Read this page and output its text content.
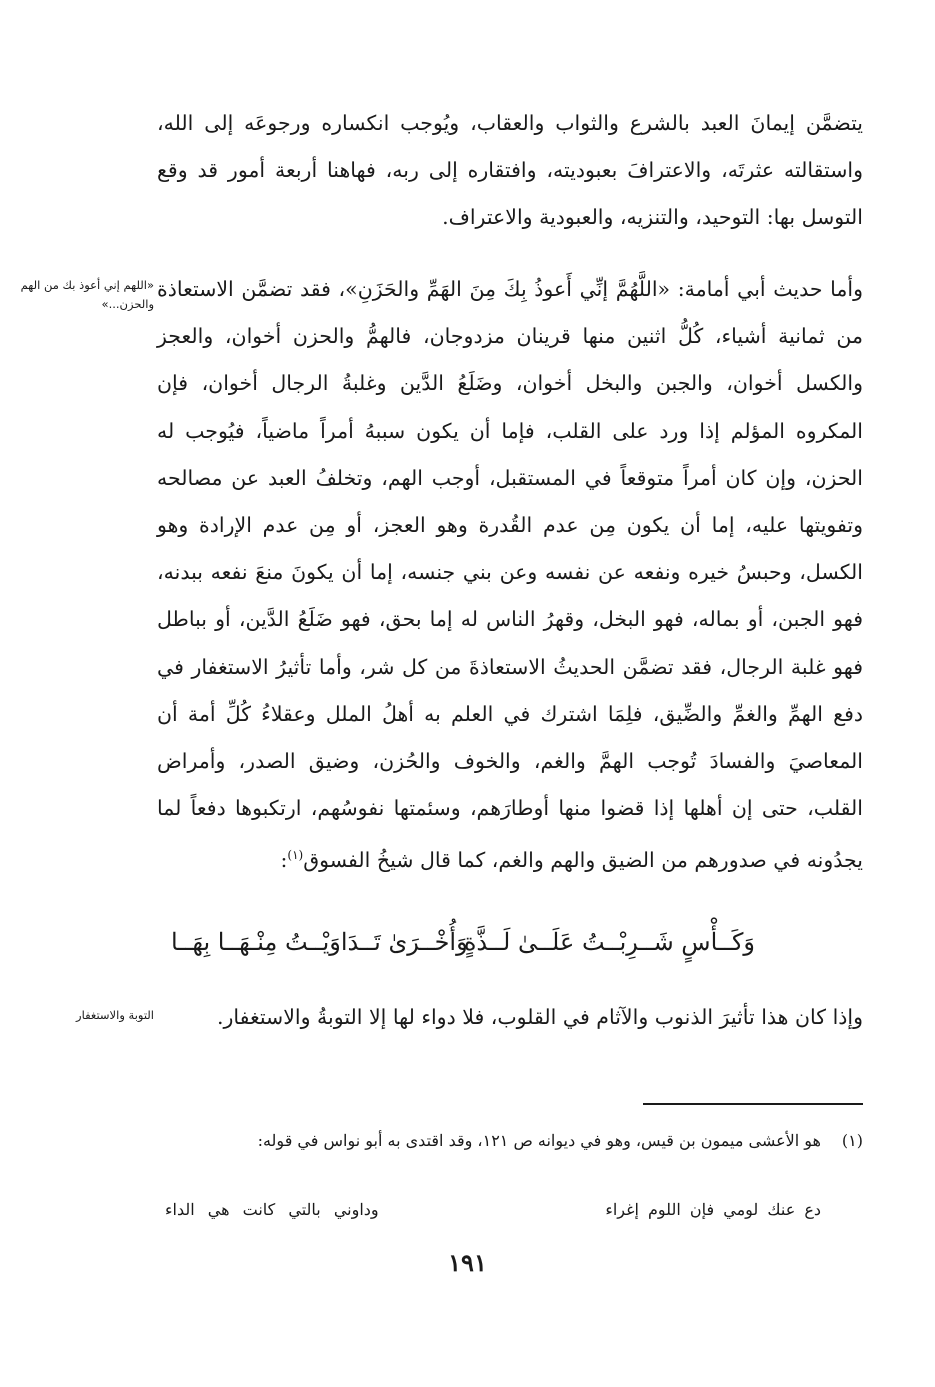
يتضمَّن إيمانَ العبد بالشرع والثواب والعقاب، ويُوجب انكساره ورجوعَه إلى الله، واستقالته عثرتَه، والاعترافَ بعبوديته، وافتقاره إلى ربه، فهاهنا أربعة أمور قد وقع التوسل بها: التوحيد، والتنزيه، والعبودية والاعتراف.

«اللهم إني أعوذ بك من الهم والحزن...»

وأما حديث أبي أمامة: «اللَّهُمَّ إنِّي أَعوذُ بِكَ مِنَ الهَمِّ والحَزَنِ»، فقد تضمَّن الاستعاذة من ثمانية أشياء، كُلُّ اثنين منها قرينان مزدوجان، فالهمُّ والحزن أخوان، والعجز والكسل أخوان، والجبن والبخل أخوان، وضَلَعُ الدَّين وغلبةُ الرجال أخوان، فإن المكروه المؤلم إذا ورد على القلب، فإما أن يكون سببهُ أمراً ماضياً، فيُوجب له الحزن، وإن كان أمراً متوقعاً في المستقبل، أوجب الهم، وتخلفُ العبد عن مصالحه وتفويتها عليه، إما أن يكون مِن عدم القُدرة وهو العجز، أو مِن عدم الإرادة وهو الكسل، وحبسُ خيره ونفعه عن نفسه وعن بني جنسه، إما أن يكونَ منعَ نفعه ببدنه، فهو الجبن، أو بماله، فهو البخل، وقهرُ الناس له إما بحق، فهو ضَلَعُ الدَّين، أو بباطل فهو غلبة الرجال، فقد تضمَّن الحديثُ الاستعاذةَ من كل شر، وأما تأثيرُ الاستغفار في دفع الهمِّ والغمِّ والضِّيق، فلِمَا اشترك في العلم به أهلُ الملل وعقلاءُ كُلِّ أمة أن المعاصيَ والفسادَ تُوجب الهمَّ والغم، والخوف والحُزن، وضيق الصدر، وأمراض القلب، حتى إن أهلها إذا قضوا منها أوطارَهم، وسئمتها نفوسُهم، ارتكبوها دفعاً لما يجدُونه في صدورهم من الضيق والهم والغم، كما قال شيخُ الفسوق$^{(١)}$:

وَكَــأْسٍ شَــرِبْــتُ عَلَــىٰ لَــذَّةٍ
وَأُخْــرَىٰ تَــدَاوَيْــتُ مِنْـهَــا بِهَــا
التوبة والاستغفار	وإذا كان هذا تأثيرَ الذنوب والآثام في القلوب، فلا دواء لها إلا التوبةُ والاستغفار.

(١)
هو الأعشى ميمون بن قيس، وهو في ديوانه ص ١٢١، وقد اقتدى به أبو نواس في قوله:
دع عنك لومي فإن اللوم إغراء
وداوني بالتي كانت هي الداء
١٩١
